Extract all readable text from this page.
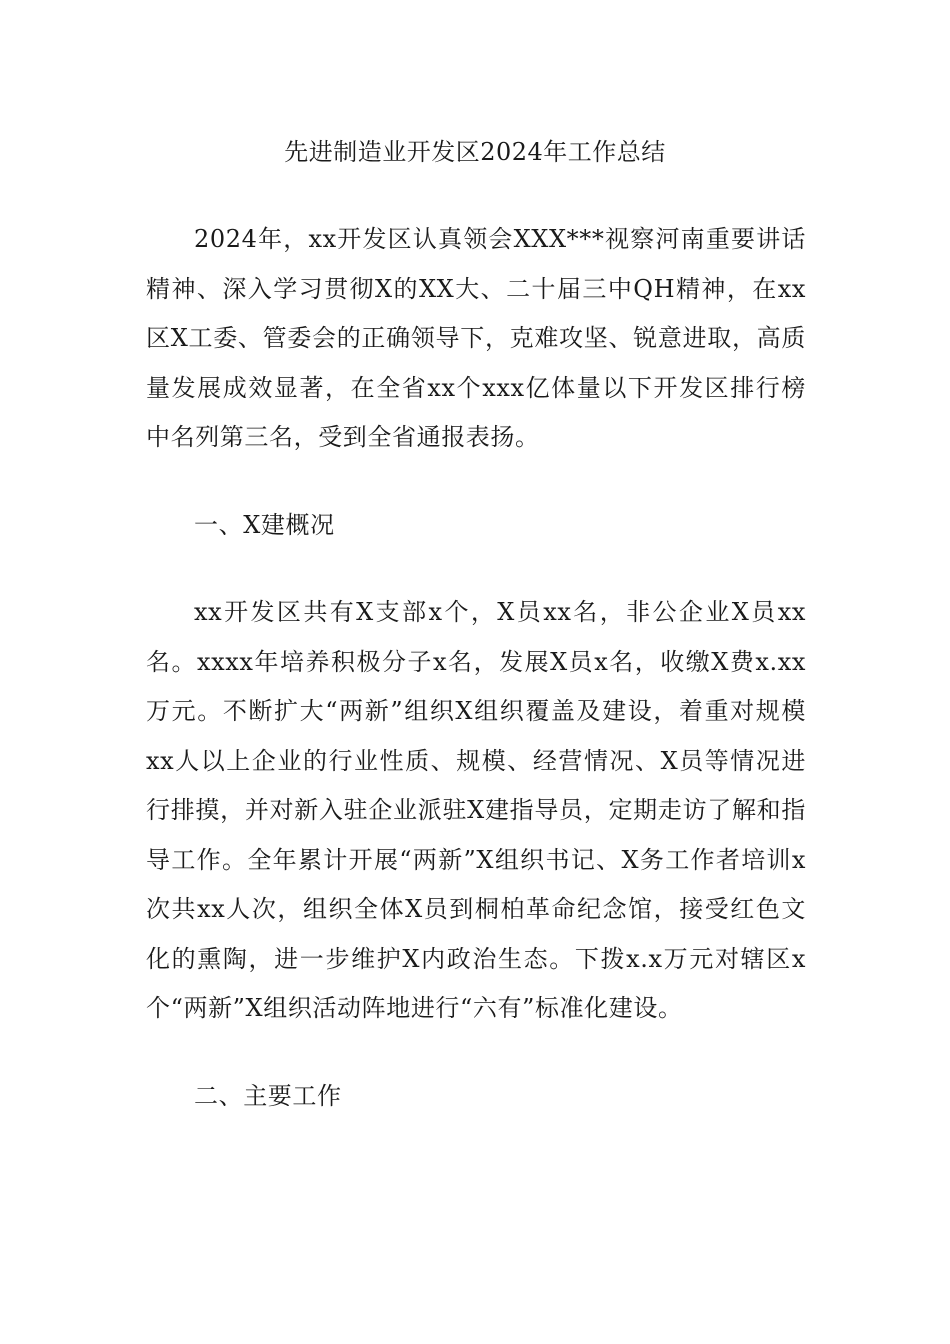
先进制造业开发区2024年工作总结

2024年，xx开发区认真领会XXX***视察河南重要讲话精神、深入学习贯彻X的XX大、二十届三中QH精神，在xx区X工委、管委会的正确领导下，克难攻坚、锐意进取，高质量发展成效显著，在全省xx个xxx亿体量以下开发区排行榜中名列第三名，受到全省通报表扬。

一、X建概况

xx开发区共有X支部x个，X员xx名，非公企业X员xx名。xxxx年培养积极分子x名，发展X员x名，收缴X费x.xx万元。不断扩大“两新”组织X组织覆盖及建设，着重对规模xx人以上企业的行业性质、规模、经营情况、X员等情况进行排摸，并对新入驻企业派驻X建指导员，定期走访了解和指导工作。全年累计开展“两新”X组织书记、X务工作者培训x次共xx人次，组织全体X员到桐柏革命纪念馆，接受红色文化的熏陶，进一步维护X内政治生态。下拨x.x万元对辖区x个“两新”X组织活动阵地进行“六有”标准化建设。

二、主要工作
